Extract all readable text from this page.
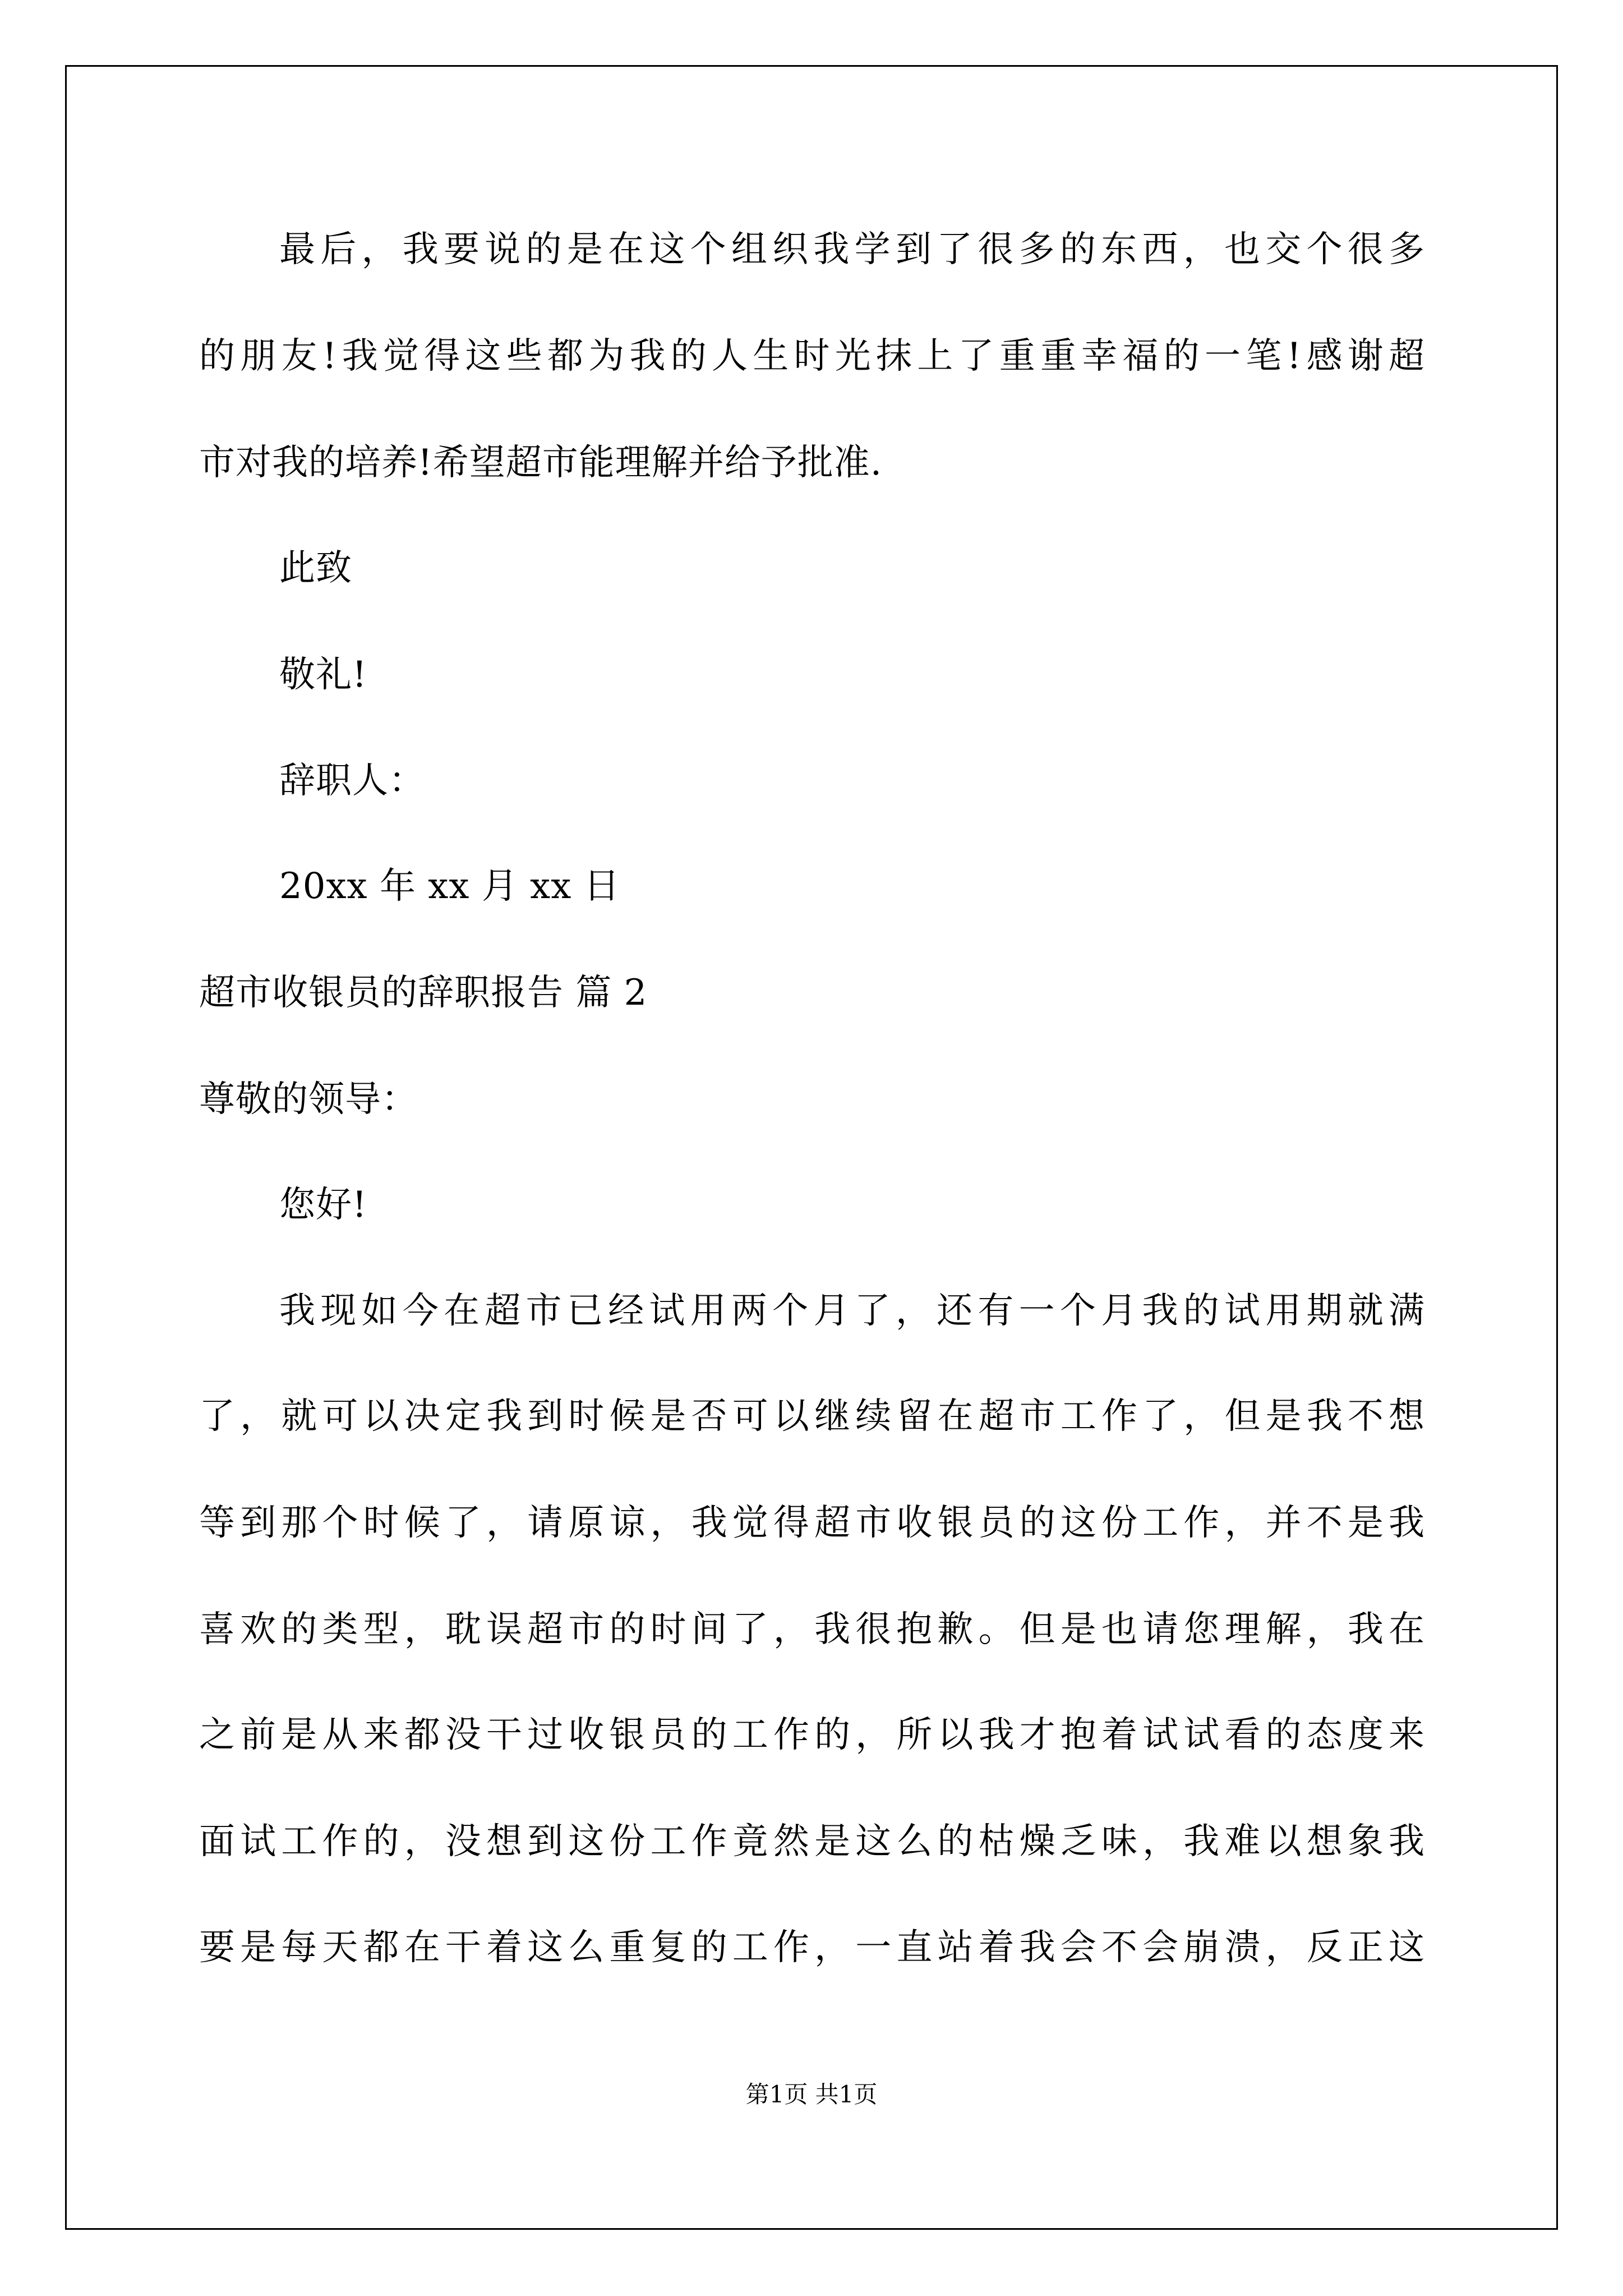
最后，我要说的是在这个组织我学到了很多的东西，也交个很多
的朋友!我觉得这些都为我的人生时光抹上了重重幸福的一笔!感谢超
市对我的培养!希望超市能理解并给予批准.
此致
敬礼!
辞职人：
20xx 年 xx 月 xx 日
超市收银员的辞职报告 篇 2
尊敬的领导：
您好!
我现如今在超市已经试用两个月了，还有一个月我的试用期就满
了，就可以决定我到时候是否可以继续留在超市工作了，但是我不想
等到那个时候了，请原谅，我觉得超市收银员的这份工作，并不是我
喜欢的类型，耽误超市的时间了，我很抱歉。但是也请您理解，我在
之前是从来都没干过收银员的工作的，所以我才抱着试试看的态度来
面试工作的，没想到这份工作竟然是这么的枯燥乏味，我难以想象我
要是每天都在干着这么重复的工作，一直站着我会不会崩溃，反正这
第1页 共1页
